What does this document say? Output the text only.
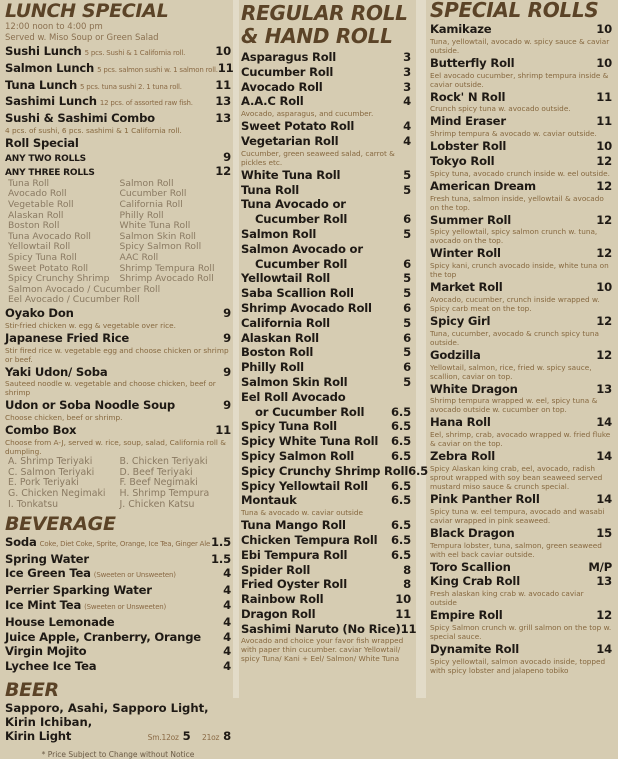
LUNCH SPECIAL
12:00 noon to 4:00 pm
Served w. Miso Soup or Green Salad
Sushi Lunch 5 pcs. Sushi & 1 California roll.	10
Salmon Lunch 5 pcs. salmon sushi w. 1 salmon roll. 11
Tuna Lunch 5 pcs. tuna sushi 2. 1 tuna roll.	11
Sashimi Lunch 12 pcs. of assorted raw fish. 13
Sushi & Sashimi Combo	13
4 pcs. of sushi, 6 pcs. sashimi & 1 California roll.
Roll Special
ANY TWO ROLLS	9
ANY THREE ROLLS	12
Tuna Roll	Salmon Roll
Avocado Roll	Cucumber Roll
Vegetable Roll	California Roll
Alaskan Roll	Philly Roll
Boston Roll	White Tuna Roll
Tuna Avocado Roll	Salmon Skin Roll
Yellowtail Roll	Spicy Salmon Roll
Spicy Tuna Roll	AAC Roll
Sweet Potato Roll	Shrimp Tempura Roll
Spicy Crunchy Shrimp	Shrimp Avocado Roll
Salmon Avocado / Cucumber Roll
Eel Avocado / Cucumber Roll
Oyako Don	9
Stir-fried chicken w. egg & vegetable over rice.
Japanese Fried Rice	9
Stir fired rice w. vegetable egg and choose chicken or shrimp or beef.
Yaki Udon/ Soba	9
Sauteed noodle w. vegetable and choose chicken, beef or shrimp
Udon or Soba Noodle Soup	9
Choose chicken, beef or shrimp.
Combo Box	11
Choose from A-J, served w. rice, soup, salad, California roll & dumpling.
A. Shrimp Teriyaki	B. Chicken Teriyaki
C. Salmon Teriyaki	D. Beef Teriyaki
E. Pork Teriyaki	F. Beef Negimaki
G. Chicken Negimaki	H. Shrimp Tempura
I. Tonkatsu	J. Chicken Katsu
BEVERAGE
Soda Coke, Diet Coke, Sprite, Orange, Ice Tea, Ginger Ale 1.5
Spring Water	1.5
Ice Green Tea (Sweeten or Unsweeten)	4
Perrier Sparking Water	4
Ice Mint Tea (Sweeten or Unsweeten)	4
House Lemonade	4
Juice Apple, Cranberry, Orange 4
Virgin Mojito	4
Lychee Ice Tea	4
BEER
Sapporo, Asahi, Sapporo Light, Kirin Ichiban,
Kirin Light	Sm.12oz 5 21oz 8
* Price Subject to Change without Notice
REGULAR ROLL & HAND ROLL
Asparagus Roll	3
Cucumber Roll	3
Avocado Roll	3
A.A.C Roll	4
Avocado, asparagus, and cucumber.
Sweet Potato Roll	4
Vegetarian Roll	4
Cucumber, green seaweed salad, carrot & pickles etc.
White Tuna Roll	5
Tuna Roll	5
Tuna Avocado or
Cucumber Roll	6
Salmon Roll	5
Salmon Avocado or
Cucumber Roll	6
Yellowtail Roll	5
Saba Scallion Roll	5
Shrimp Avocado Roll	6
California Roll	5
Alaskan Roll	6
Boston Roll	5
Philly Roll	6
Salmon Skin Roll	5
Eel Roll Avocado
or Cucumber Roll 6.5
Spicy Tuna Roll	6.5
Spicy White Tuna Roll 6.5
Spicy Salmon Roll	6.5
Spicy Crunchy Shrimp Roll 6.5
Spicy Yellowtail Roll 6.5
Montauk	6.5
Tuna & avocado w. caviar outside
Tuna Mango Roll	6.5
Chicken Tempura Roll 6.5
Ebi Tempura Roll	6.5
Spider Roll	8
Fried Oyster Roll	8
Rainbow Roll	10
Dragon Roll	11
Sashimi Naruto (No Rice) 11
Avocado and choice your favor fish wrapped with paper thin cucumber. caviar Yellowtail/ spicy Tuna/ Kani + Eel/ Salmon/ White Tuna
SPECIAL ROLLS
Kamikaze	10
Tuna, yellowtail, avocado w. spicy sauce & caviar outside.
Butterfly Roll	10
Eel avocado cucumber, shrimp tempura inside & caviar outside.
Rock' N Roll	11
Crunch spicy tuna w. avocado outside.
Mind Eraser	11
Shrimp tempura & avocado w. caviar outside.
Lobster Roll	10
Tokyo Roll	12
Spicy tuna, avocado crunch inside w. eel outside.
American Dream	12
Fresh tuna, salmon inside, yellowtail & avocado on the top.
Summer Roll	12
Spicy yellowtail, spicy salmon crunch w. tuna, avocado on the top.
Winter Roll	12
Spicy kani, crunch avocado inside, white tuna on the top
Market Roll	10
Avocado, cucumber, crunch inside wrapped w. Spicy carb meat on the top.
Spicy Girl	12
Tuna, cucumber, avocado & crunch spicy tuna outside.
Godzilla	12
Yellowtail, salmon, rice, fried w. spicy sauce, scallion, caviar on top.
White Dragon	13
Shrimp tempura wrapped w. eel, spicy tuna & avocado outside w. cucumber on top.
Hana Roll	14
Eel, shrimp, crab, avocado wrapped w. fried fluke & caviar on the top.
Zebra Roll	14
Spicy Alaskan king crab, eel, avocado, radish sprout wrapped with soy bean seaweed served mustard miso sauce & crunch special.
Pink Panther Roll	14
Spicy tuna w. eel tempura, avocado and wasabi caviar wrapped in pink seaweed.
Black Dragon	15
Tempura lobster, tuna, salmon, green seaweed with eel back caviar outside.
Toro Scallion	M/P
King Crab Roll	13
Fresh alaskan king crab w. avocado caviar outside
Empire Roll	12
Spicy Salmon crunch w. grill salmon on the top w. special sauce.
Dynamite Roll	14
Spicy yellowtail, salmon avocado inside, topped with spicy lobster and jalapeno tobiko
